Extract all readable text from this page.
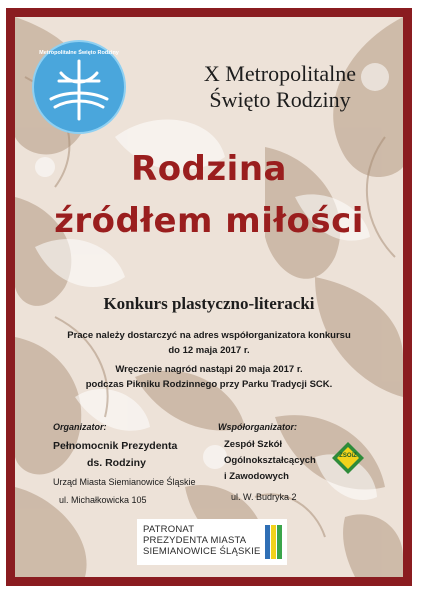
Metropolitalne Święto Rodziny
X Metropolitalne
Święto Rodziny
Rodzina
źródłem miłości
Konkurs plastyczno-literacki
Prace należy dostarczyć na adres współorganizatora konkursu
do 12 maja 2017 r.
Wręczenie nagród nastąpi 20 maja 2017 r.
podczas Pikniku Rodzinnego przy Parku Tradycji SCK.
Organizator:
Pełnomocnik Prezydenta
ds. Rodziny
Urząd Miasta Siemianowice Śląskie
ul. Michałkowicka 105
Współorganizator:
Zespół Szkół
Ogólnokształcących
i Zawodowych
ul. W. Budryka 2
ZSOiZ
PATRONAT
PREZYDENTA MIASTA
SIEMIANOWICE ŚLĄSKIE
